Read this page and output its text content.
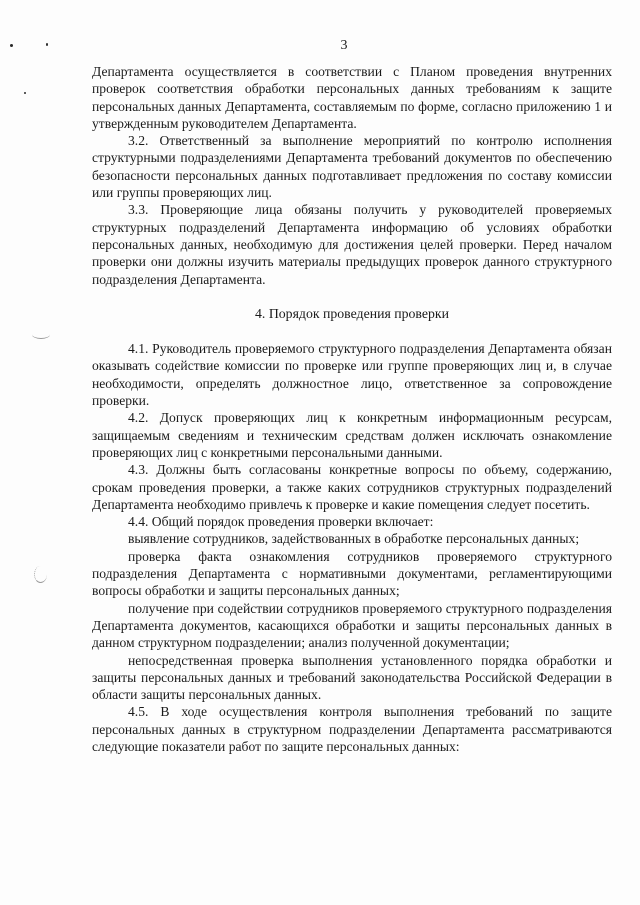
3

Департамента осуществляется в соответствии с Планом проведения внутренних проверок соответствия обработки персональных данных требованиям к защите персональных данных Департамента, составляемым по форме, согласно приложению 1 и утвержденным руководителем Департамента.

3.2. Ответственный за выполнение мероприятий по контролю исполнения структурными подразделениями Департамента требований документов по обеспечению безопасности персональных данных подготавливает предложения по составу комиссии или группы проверяющих лиц.

3.3. Проверяющие лица обязаны получить у руководителей проверяемых структурных подразделений Департамента информацию об условиях обработки персональных данных, необходимую для достижения целей проверки. Перед началом проверки они должны изучить материалы предыдущих проверок данного структурного подразделения Департамента.

4. Порядок проведения проверки

4.1. Руководитель проверяемого структурного подразделения Департамента обязан оказывать содействие комиссии по проверке или группе проверяющих лиц и, в случае необходимости, определять должностное лицо, ответственное за сопровождение проверки.

4.2. Допуск проверяющих лиц к конкретным информационным ресурсам, защищаемым сведениям и техническим средствам должен исключать ознакомление проверяющих лиц с конкретными персональными данными.

4.3. Должны быть согласованы конкретные вопросы по объему, содержанию, срокам проведения проверки, а также каких сотрудников структурных подразделений Департамента необходимо привлечь к проверке и какие помещения следует посетить.

4.4. Общий порядок проведения проверки включает:

выявление сотрудников, задействованных в обработке персональных данных;

проверка факта ознакомления сотрудников проверяемого структурного подразделения Департамента с нормативными документами, регламентирующими вопросы обработки и защиты персональных данных;

получение при содействии сотрудников проверяемого структурного подразделения Департамента документов, касающихся обработки и защиты персональных данных в данном структурном подразделении; анализ полученной документации;

непосредственная проверка выполнения установленного порядка обработки и защиты персональных данных и требований законодательства Российской Федерации в области защиты персональных данных.

4.5. В ходе осуществления контроля выполнения требований по защите персональных данных в структурном подразделении Департамента рассматриваются следующие показатели работ по защите персональных данных:
